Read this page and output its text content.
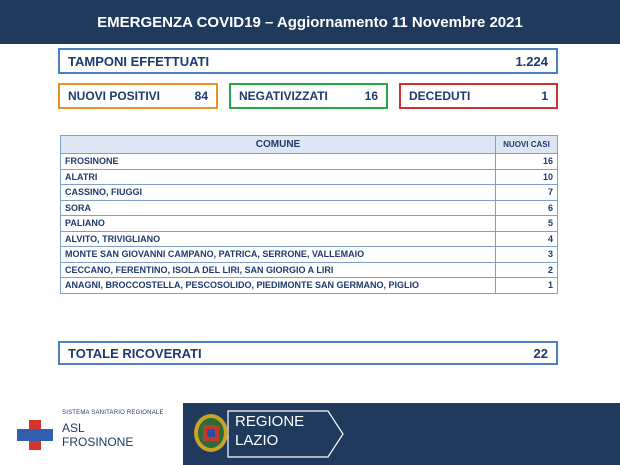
EMERGENZA COVID19 – Aggiornamento 11 Novembre 2021
TAMPONI EFFETTUATI	1.224
NUOVI POSITIVI	84	NEGATIVIZZATI	16	DECEDUTI	1
COMUNE	NUOVI CASI
FROSINONE	16
ALATRI	10
CASSINO, FIUGGI	7
SORA	6
PALIANO	5
ALVITO, TRIVIGLIANO	4
MONTE SAN GIOVANNI CAMPANO, PATRICA, SERRONE, VALLEMAIO	3
CECCANO, FERENTINO, ISOLA DEL LIRI, SAN GIORGIO A LIRI	2
ANAGNI, BROCCOSTELLA, PESCOSOLIDO, PIEDIMONTE SAN GERMANO, PIGLIO	1
TOTALE RICOVERATI	22
SISTEMA SANITARIO REGIONALE
ASL
FROSINONE
REGIONE
LAZIO
